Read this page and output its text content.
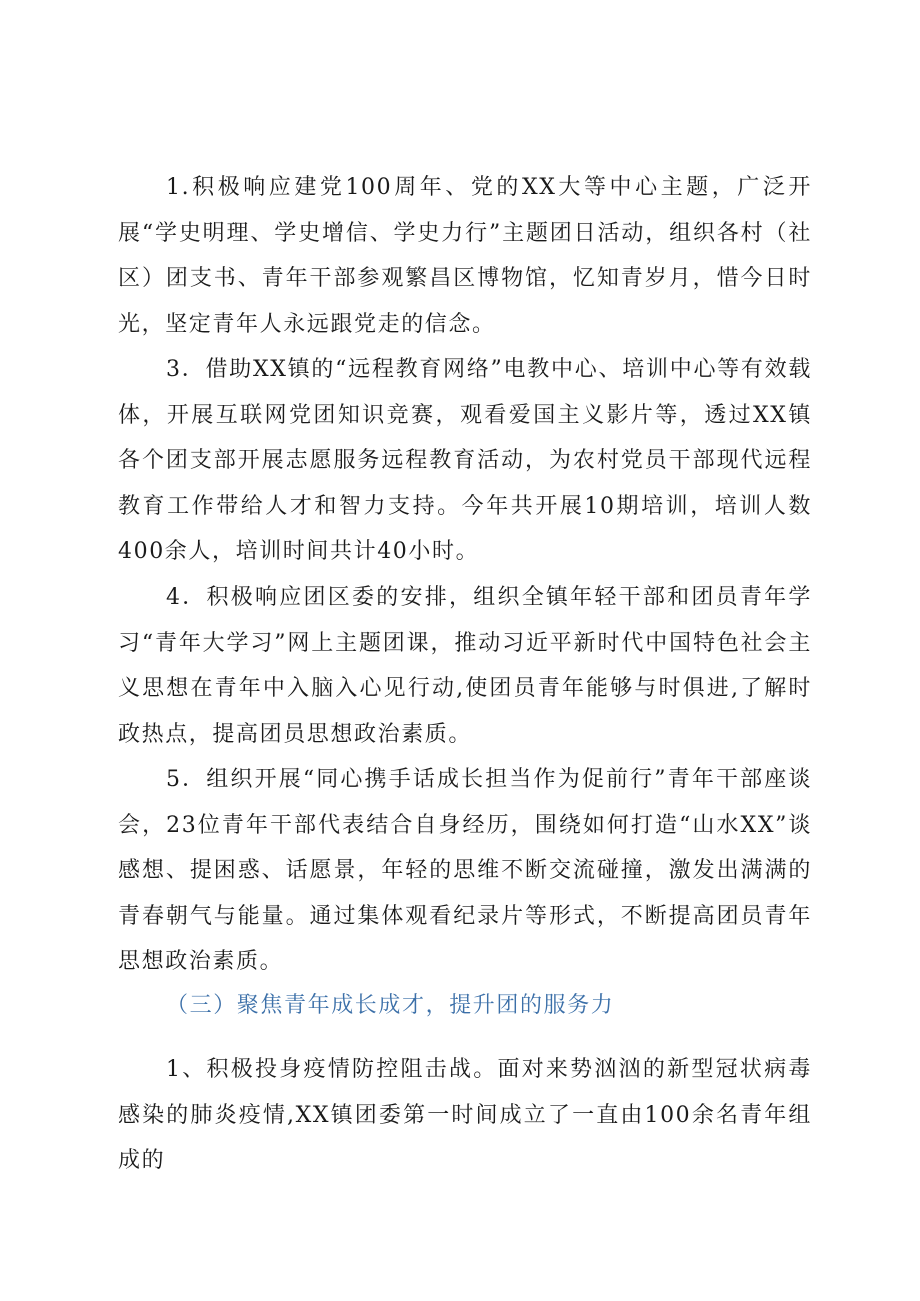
1.积极响应建党100周年、党的XX大等中心主题，广泛开展“学史明理、学史增信、学史力行”主题团日活动，组织各村（社区）团支书、青年干部参观繁昌区博物馆，忆知青岁月，惜今日时光，坚定青年人永远跟党走的信念。

3．借助XX镇的“远程教育网络”电教中心、培训中心等有效载体，开展互联网党团知识竞赛，观看爱国主义影片等，透过XX镇各个团支部开展志愿服务远程教育活动，为农村党员干部现代远程教育工作带给人才和智力支持。今年共开展10期培训，培训人数400余人，培训时间共计40小时。

4．积极响应团区委的安排，组织全镇年轻干部和团员青年学习“青年大学习”网上主题团课，推动习近平新时代中国特色社会主义思想在青年中入脑入心见行动,使团员青年能够与时俱进,了解时政热点，提高团员思想政治素质。

5．组织开展“同心携手话成长担当作为促前行”青年干部座谈会，23位青年干部代表结合自身经历，围绕如何打造“山水XX”谈感想、提困惑、话愿景，年轻的思维不断交流碰撞，激发出满满的青春朝气与能量。通过集体观看纪录片等形式，不断提高团员青年思想政治素质。

（三）聚焦青年成长成才，提升团的服务力

1、积极投身疫情防控阻击战。面对来势汹汹的新型冠状病毒感染的肺炎疫情,XX镇团委第一时间成立了一直由100余名青年组成的
